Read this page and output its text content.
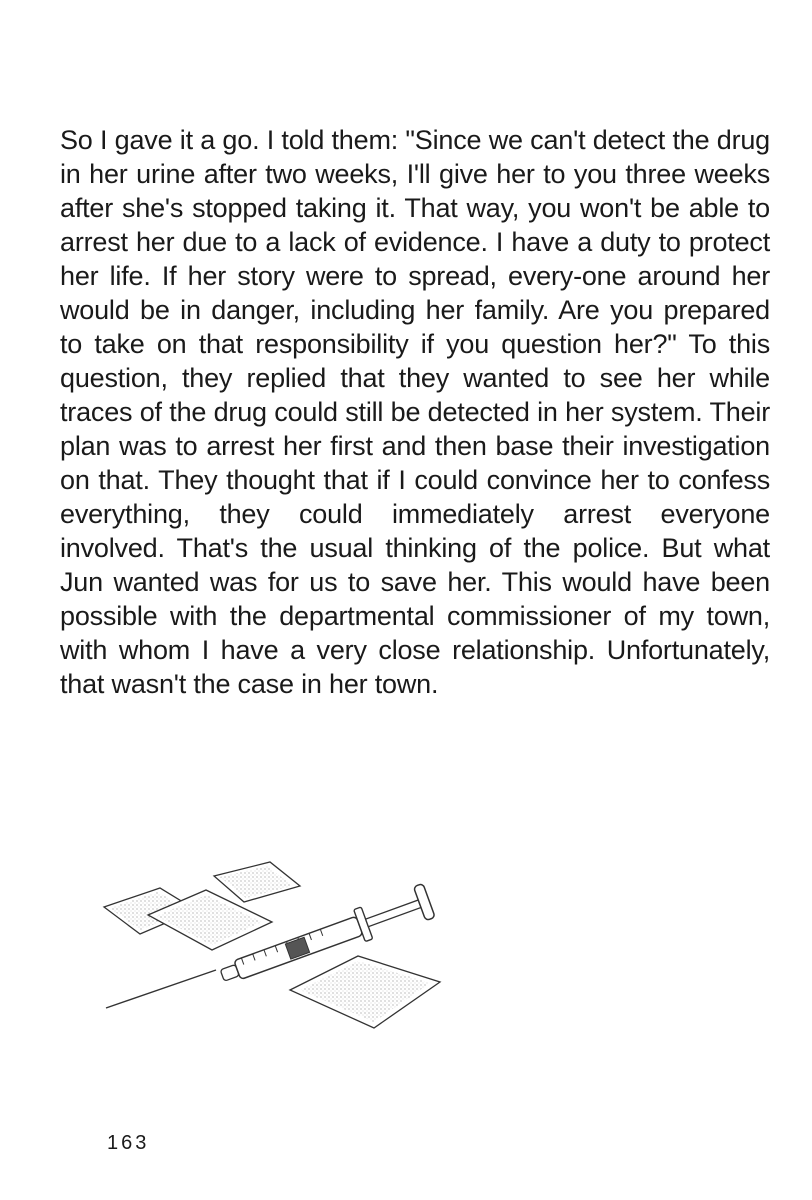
So I gave it a go. I told them: "Since we can't detect the drug in her urine after two weeks, I'll give her to you three weeks after she's stopped taking it. That way, you won't be able to arrest her due to a lack of evidence. I have a duty to protect her life. If her story were to spread, every-one around her would be in danger, including her family. Are you prepared to take on that responsibility if you question her?" To this question, they replied that they wanted to see her while traces of the drug could still be detected in her system. Their plan was to arrest her first and then base their investigation on that. They thought that if I could convince her to confess everything, they could immediately arrest everyone involved. That's the usual thinking of the police. But what Jun wanted was for us to save her. This would have been possible with the departmental commissioner of my town, with whom I have a very close relationship. Unfortunately, that wasn't the case in her town.

163
